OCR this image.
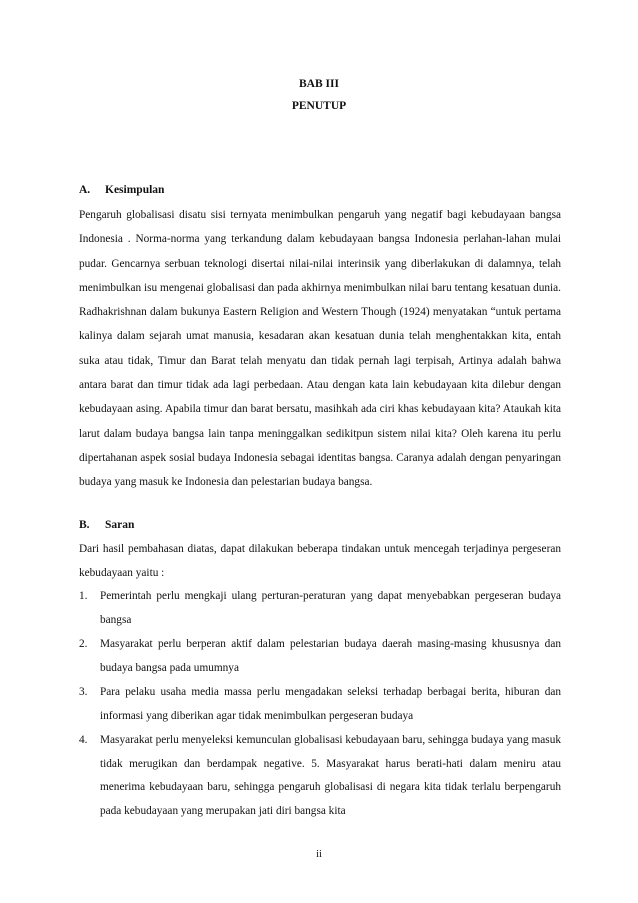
BAB III
PENUTUP
A. Kesimpulan

Pengaruh globalisasi disatu sisi ternyata menimbulkan pengaruh yang negatif bagi kebudayaan bangsa Indonesia . Norma-norma yang terkandung dalam kebudayaan bangsa Indonesia perlahan-lahan mulai pudar. Gencarnya serbuan teknologi disertai nilai-nilai interinsik yang diberlakukan di dalamnya, telah menimbulkan isu mengenai globalisasi dan pada akhirnya menimbulkan nilai baru tentang kesatuan dunia. Radhakrishnan dalam bukunya Eastern Religion and Western Though (1924) menyatakan “untuk pertama kalinya dalam sejarah umat manusia, kesadaran akan kesatuan dunia telah menghentakkan kita, entah suka atau tidak, Timur dan Barat telah menyatu dan tidak pernah lagi terpisah, Artinya adalah bahwa antara barat dan timur tidak ada lagi perbedaan. Atau dengan kata lain kebudayaan kita dilebur dengan kebudayaan asing. Apabila timur dan barat bersatu, masihkah ada ciri khas kebudayaan kita? Ataukah kita larut dalam budaya bangsa lain tanpa meninggalkan sedikitpun sistem nilai kita? Oleh karena itu perlu dipertahanan aspek sosial budaya Indonesia sebagai identitas bangsa. Caranya adalah dengan penyaringan budaya yang masuk ke Indonesia dan pelestarian budaya bangsa.

B. Saran

Dari hasil pembahasan diatas, dapat dilakukan beberapa tindakan untuk mencegah terjadinya pergeseran kebudayaan yaitu :

1. Pemerintah perlu mengkaji ulang perturan-peraturan yang dapat menyebabkan pergeseran budaya bangsa
2. Masyarakat perlu berperan aktif dalam pelestarian budaya daerah masing-masing khususnya dan budaya bangsa pada umumnya
3. Para pelaku usaha media massa perlu mengadakan seleksi terhadap berbagai berita, hiburan dan informasi yang diberikan agar tidak menimbulkan pergeseran budaya
4. Masyarakat perlu menyeleksi kemunculan globalisasi kebudayaan baru, sehingga budaya yang masuk tidak merugikan dan berdampak negative. 5. Masyarakat harus berati-hati dalam meniru atau menerima kebudayaan baru, sehingga pengaruh globalisasi di negara kita tidak terlalu berpengaruh pada kebudayaan yang merupakan jati diri bangsa kita
ii
